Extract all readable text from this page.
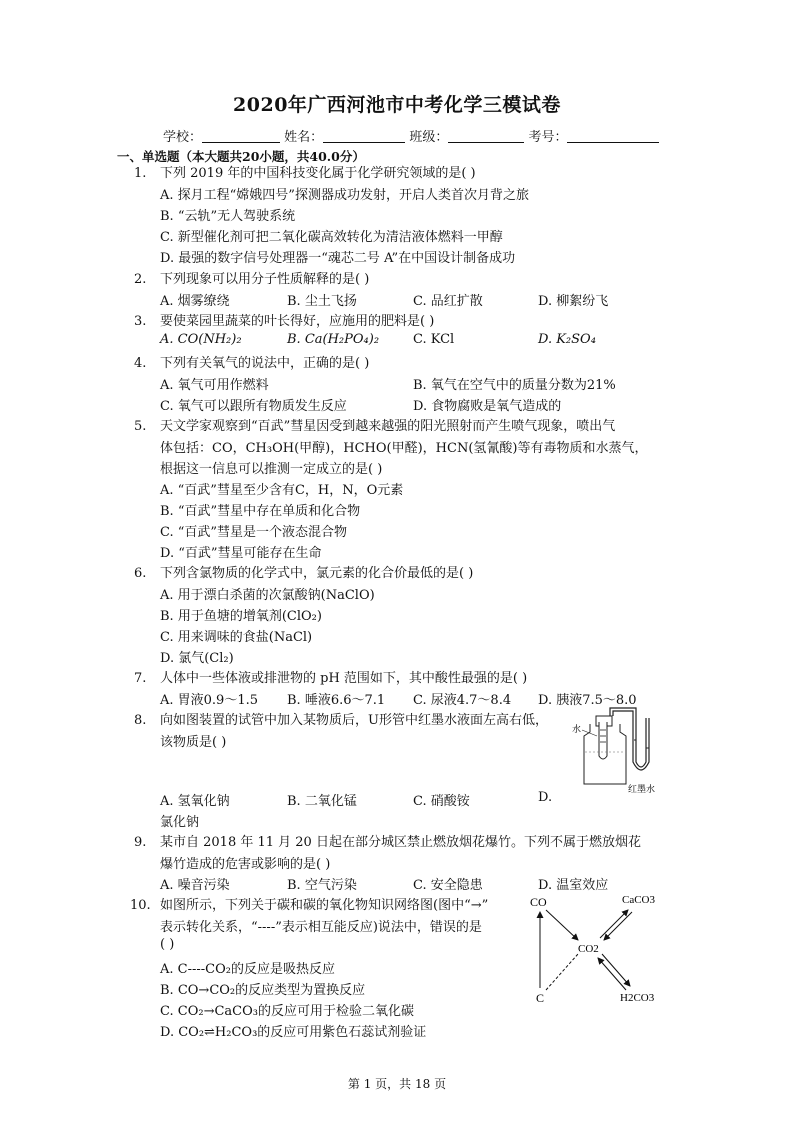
2020年广西河池市中考化学三模试卷
学校：	姓名：	班级：	考号：
一、单选题（本大题共20小题，共40.0分）
1.	下列 2019 年的中国科技变化属于化学研究领域的是( )
A. 探月工程“嫦娥四号”探测器成功发射，开启人类首次月背之旅
B. “云轨”无人驾驶系统
C. 新型催化剂可把二氧化碳高效转化为清洁液体燃料一甲醇
D. 最强的数字信号处理器一“魂芯二号 A”在中国设计制备成功
2.	下列现象可以用分子性质解释的是( )
A. 烟雾缭绕	B. 尘土飞扬	C. 品红扩散	D. 柳絮纷飞
3.	要使菜园里蔬菜的叶长得好，应施用的肥料是( )
A. CO(NH₂)₂	B. Ca(H₂PO₄)₂	C. KCl	D. K₂SO₄
4.	下列有关氧气的说法中，正确的是( )
A. 氧气可用作燃料	B. 氧气在空气中的质量分数为21%
C. 氧气可以跟所有物质发生反应	D. 食物腐败是氧气造成的
5.	天文学家观察到“百武”彗星因受到越来越强的阳光照射而产生喷气现象，喷出气
体包括：CO，CH₃OH(甲醇)，HCHO(甲醛)，HCN(氢氰酸)等有毒物质和水蒸气，
根据这一信息可以推测一定成立的是( )
A. “百武”彗星至少含有C，H，N，O元素
B. “百武”彗星中存在单质和化合物
C. “百武”彗星是一个液态混合物
D. “百武”彗星可能存在生命
6.	下列含氯物质的化学式中，氯元素的化合价最低的是( )
A. 用于漂白杀菌的次氯酸钠(NaClO)
B. 用于鱼塘的增氧剂(ClO₂)
C. 用来调味的食盐(NaCl)
D. 氯气(Cl₂)
7.	人体中一些体液或排泄物的 pH 范围如下，其中酸性最强的是( )
A. 胃液0.9～1.5 B. 唾液6.6～7.1 C. 尿液4.7～8.4 D. 胰液7.5～8.0
8.	向如图装置的试管中加入某物质后，U形管中红墨水液面左高右低，
该物质是( )
水
红墨水
A. 氢氧化钠	B. 二氧化锰	C. 硝酸铵	D.
氯化钠
9.	某市自 2018 年 11 月 20 日起在部分城区禁止燃放烟花爆竹。下列不属于燃放烟花
爆竹造成的危害或影响的是( )
A. 噪音污染	B. 空气污染	C. 安全隐患	D. 温室效应
10. 如图所示，下列关于碳和碳的氧化物知识网络图(图中“→”
表示转化关系，“----”表示相互能反应)说法中，错误的是
( )
A. C----CO₂的反应是吸热反应
B. CO→CO₂的反应类型为置换反应
C. CO₂→CaCO₃的反应可用于检验二氧化碳
D. CO₂⇌H₂CO₃的反应可用紫色石蕊试剂验证
CO	CaCO3
CO2
C	H2CO3
第 1 页，共 18 页
